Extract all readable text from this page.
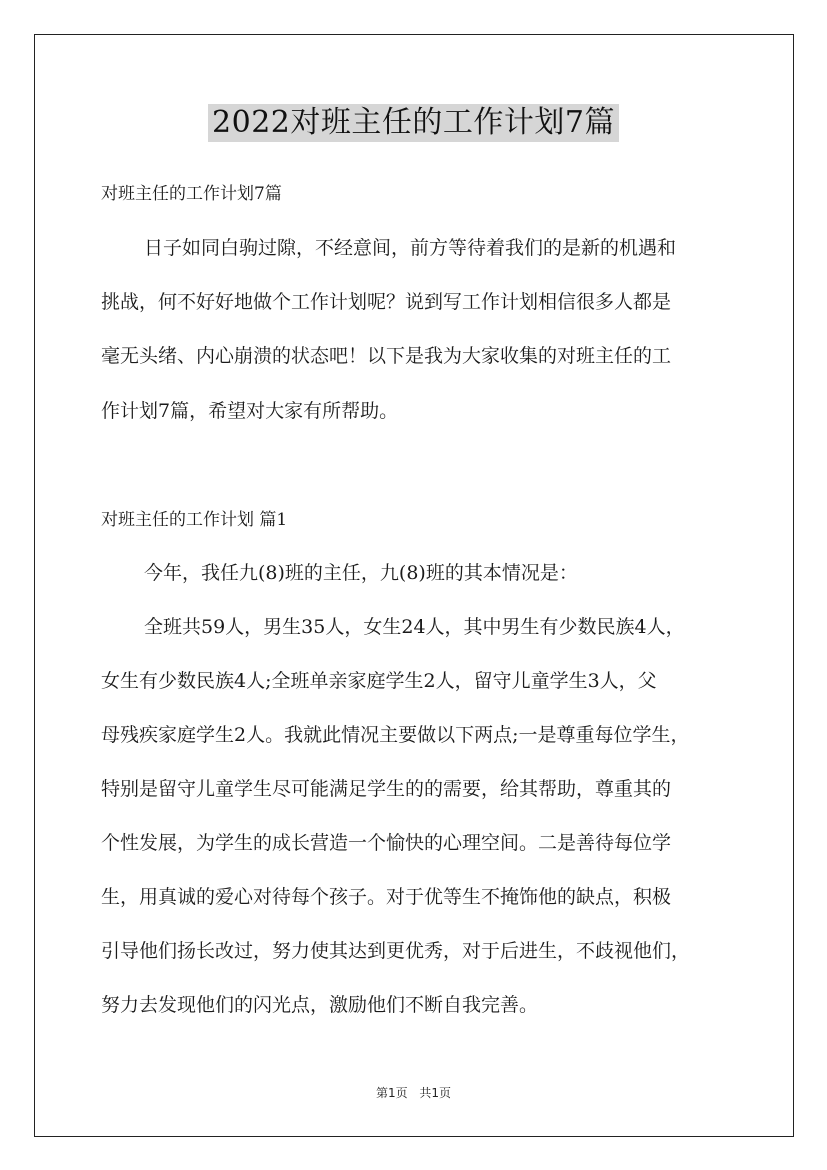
2022对班主任的工作计划7篇
对班主任的工作计划7篇
日子如同白驹过隙，不经意间，前方等待着我们的是新的机遇和
挑战，何不好好地做个工作计划呢？说到写工作计划相信很多人都是
毫无头绪、内心崩溃的状态吧！以下是我为大家收集的对班主任的工
作计划7篇，希望对大家有所帮助。
对班主任的工作计划 篇1
今年，我任九(8)班的主任，九(8)班的其本情况是：
全班共59人，男生35人，女生24人，其中男生有少数民族4人，
女生有少数民族4人;全班单亲家庭学生2人，留守儿童学生3人，父
母残疾家庭学生2人。我就此情况主要做以下两点;一是尊重每位学生，
特别是留守儿童学生尽可能满足学生的的需要，给其帮助，尊重其的
个性发展，为学生的成长营造一个愉快的心理空间。二是善待每位学
生，用真诚的爱心对待每个孩子。对于优等生不掩饰他的缺点，积极
引导他们扬长改过，努力使其达到更优秀，对于后进生，不歧视他们，
努力去发现他们的闪光点，激励他们不断自我完善。
第1页 共1页
